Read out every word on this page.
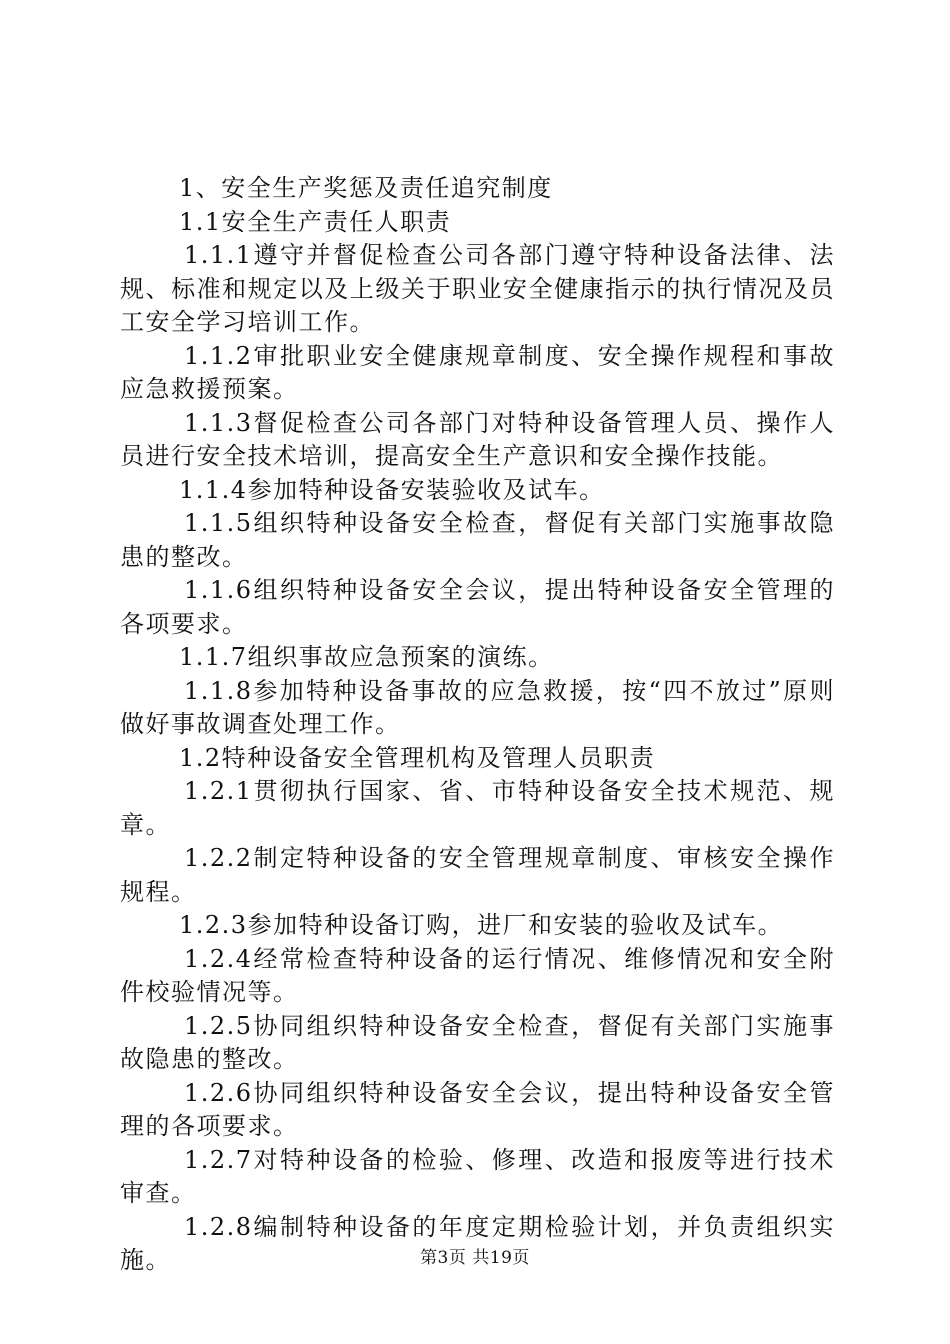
1、安全生产奖惩及责任追究制度

1.1安全生产责任人职责

1.1.1遵守并督促检查公司各部门遵守特种设备法律、法规、标准和规定以及上级关于职业安全健康指示的执行情况及员工安全学习培训工作。

1.1.2审批职业安全健康规章制度、安全操作规程和事故应急救援预案。

1.1.3督促检查公司各部门对特种设备管理人员、操作人员进行安全技术培训，提高安全生产意识和安全操作技能。

1.1.4参加特种设备安装验收及试车。

1.1.5组织特种设备安全检查，督促有关部门实施事故隐患的整改。

1.1.6组织特种设备安全会议，提出特种设备安全管理的各项要求。

1.1.7组织事故应急预案的演练。

1.1.8参加特种设备事故的应急救援，按“四不放过”原则做好事故调查处理工作。

1.2特种设备安全管理机构及管理人员职责

1.2.1贯彻执行国家、省、市特种设备安全技术规范、规章。

1.2.2制定特种设备的安全管理规章制度、审核安全操作规程。

1.2.3参加特种设备订购，进厂和安装的验收及试车。

1.2.4经常检查特种设备的运行情况、维修情况和安全附件校验情况等。

1.2.5协同组织特种设备安全检查，督促有关部门实施事故隐患的整改。

1.2.6协同组织特种设备安全会议，提出特种设备安全管理的各项要求。

1.2.7对特种设备的检验、修理、改造和报废等进行技术审查。

1.2.8编制特种设备的年度定期检验计划，并负责组织实施。	第3页 共19页
